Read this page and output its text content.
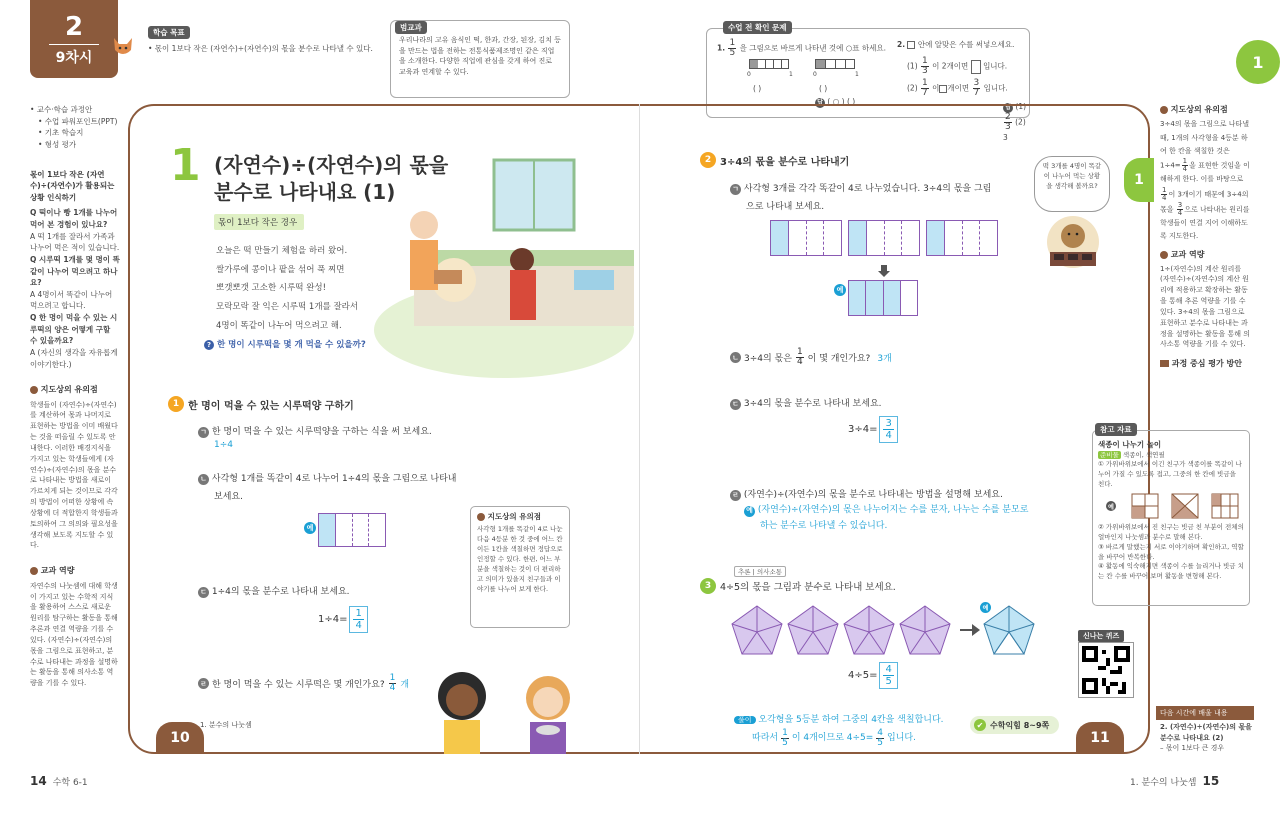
2
9차시
학습 목표
• 몫이 1보다 작은 (자연수)÷(자연수)의 몫을 분수로 나타낼 수 있다.
범교과
우리나라의 고유 음식인 떡, 한과, 간장, 된장, 김치 등을 만드는 법을 전하는 전통식품제조명인 같은 직업을 소개한다. 다양한 직업에 관심을 갖게 하여 진로 교육과 연계할 수 있다.
수업 전 확인 문제
1. $\frac{1}{5}$ 을 그림으로 바르게 나타낸 것에 ○표 하세요.
0	1	0	1
( )	( )
답 ( ○ ) ( )
2. 안에 알맞은 수를 써넣으세요.
$(1) \frac{1}{3}$ 이 2개이면 입니다.
$(2) \frac{1}{7}$ 이 개이면 $\frac{3}{7}$ 입니다.
답 (1)
$\frac{2}{3} (2)$ 3
1
• 교수·학습 과정안
• 수업 파워포인트(PPT)
• 기초 학습지
• 형성 평가
몫이 1보다 작은 (자연수)÷(자연수)가 활용되는 상황 인식하기
Q 떡이나 빵 1개를 나누어 먹어 본 경험이 있나요?
A 떡 1개를 잘라서 가족과 나누어 먹은 적이 있습니다.
Q 시루떡 1개를 몇 명이 똑같이 나누어 먹으려고 하나요?
A 4명이서 똑같이 나누어 먹으려고 합니다.
Q 한 명이 먹을 수 있는 시루떡의 양은 어떻게 구할 수 있을까요?
A (자신의 생각을 자유롭게 이야기한다.)
지도상의 유의점
학생들이 (자연수)÷(자연수)를 계산하여 몫과 나머지로 표현하는 방법을 이미 배웠다는 것을 떠올릴 수 있도록 안내한다. 이러한 배경지식을 가지고 있는 학생들에게 (자연수)÷(자연수)의 몫을 분수로 나타내는 방법을 새로이 가르치게 되는 것이므로 각각의 방법이 어떠한 상황에 속 상황에 더 적합한지 학생들과 토의하여 그 의의와 필요성을 생각해 보도록 지도할 수 있다.
교과 역량
자연수의 나눗셈에 대해 학생이 가지고 있는 수학적 지식을 활용하여 스스로 새로운 원리를 탐구하는 활동을 통해 추론과 연결 역량을 기를 수 있다. (자연수)÷(자연수)의 몫을 그림으로 표현하고, 분수로 나타내는 과정을 설명하는 활동을 통해 의사소통 역량을 기를 수 있다.
1 (자연수)÷(자연수)의 몫을
분수로 나타내요 (1)
몫이 1보다 작은 경우
오늘은 떡 만들기 체험을 하러 왔어.
쌀가루에 콩이나 팥을 섞어 푹 찌면
뽀갯뽀갯 고소한 시루떡 완성!
모락모락 잘 익은 시루떡 1개를 잘라서
4명이 똑같이 나누어 먹으려고 해.
? 한 명이 시루떡을 몇 개 먹을 수 있을까?
1 한 명이 먹을 수 있는 시루떡양 구하기
ㄱ 한 명이 먹을 수 있는 시루떡양을 구하는 식을 써 보세요.
1÷4
ㄴ 사각형 1개를 똑같이 4로 나누어 1÷4의 몫을 그림으로 나타내
보세요.
예
ㄷ 1÷4의 몫을 분수로 나타내 보세요.
$1\div 4= \frac{1}{4}$
ㄹ 한 명이 먹을 수 있는 시루떡은 몇 개인가요? $\frac{1}{4}$ 개
지도상의 유의점
사각형 1개를 똑같이 4로 나눈 다음 4등분 한 것 중에 어느 칸이든 1칸을 색칠하면 정답으로 인정할 수 있다. 한편, 어느 부분을 색칠하는 것이 더 편리하고 의미가 있을지 친구들과 이야기를 나누어 보게 한다.
10
1. 분수의 나눗셈
2 3÷4의 몫을 분수로 나타내기
ㄱ 사각형 3개를 각각 똑같이 4로 나누었습니다. 3÷4의 몫을 그림
으로 나타내 보세요.
예
ㄴ 3÷4의 몫은 $\frac{1}{4}$ 이 몇 개인가요? 3개
ㄷ 3÷4의 몫을 분수로 나타내 보세요.
$3\div 4= \frac{3}{4}$
ㄹ (자연수)÷(자연수)의 몫을 분수로 나타내는 방법을 설명해 보세요.
예 (자연수)÷(자연수)의 몫은 나누어지는 수를 분자, 나누는 수를 분모로
하는 분수로 나타낼 수 있습니다.
떡 3개를 4명이 똑같이 나누어 먹는 상황을 생각해 볼까요?
추론 | 의사소통
3 4÷5의 몫을 그림과 분수로 나타내 보세요.
예
$4\div 5= \frac{4}{5}$
풀이 오각형을 5등분 하여 그중의 4칸을 색칠합니다.
따라서 $\frac{1}{5}$ 이 4개이므로 $4\div 5= \frac{4}{5}$ 입니다.
✔ 수학익힘 8~9쪽
11
1
지도상의 유의점
3÷4의 몫을 그림으로 나타낼 때, 1개의 사각형을 4등분 하여 한 칸을 색칠한 것은 $1\div 4= \frac{1}{4}$ 을 표현한 것임을 이해하게 한다. 이를 바탕으로
$\frac{1}{4}$ 이 3개이기 때문에 3÷4의 몫을 $\frac{3}{4}$ 으로 나타내는 원리를 학생들이 연결 지어 이해하도록 지도한다.
교과 역량
1÷(자연수)의 계산 원리를 (자연수)÷(자연수)의 계산 원리에 적용하고 확장하는 활동을 통해 추론 역량을 기를 수 있다. 3÷4의 몫을 그림으로 표현하고 분수로 나타내는 과정을 설명하는 활동을 통해 의사소통 역량을 기를 수 있다.
과정 중심 평가 방안
참고 자료
색종이 나누기 놀이
준비물 색종이, 색연필
① 가위바위보에서 이긴 친구가 색종이를 똑같이 나누어 가질 수 있도록 접고, 그중의 한 칸에 빗금을 친다.
예
② 가위바위보에서 진 친구는 빗금 친 부분이 전체의 얼마인지 나눗셈과 분수로 말해 본다.
③ 바르게 말했는지 서로 이야기하며 확인하고, 역할을 바꾸어 반복한다.
④ 활동에 익숙해지면 색종이 수를 늘리거나 빗금 치는 칸 수를 바꾸어 보며 활동을 변형해 본다.
신나는 퀴즈
다음 시간에 배울 내용
2. (자연수)÷(자연수)의 몫을
분수로 나타내요 (2)
– 몫이 1보다 큰 경우
14 수학 6-1	1. 분수의 나눗셈 15
